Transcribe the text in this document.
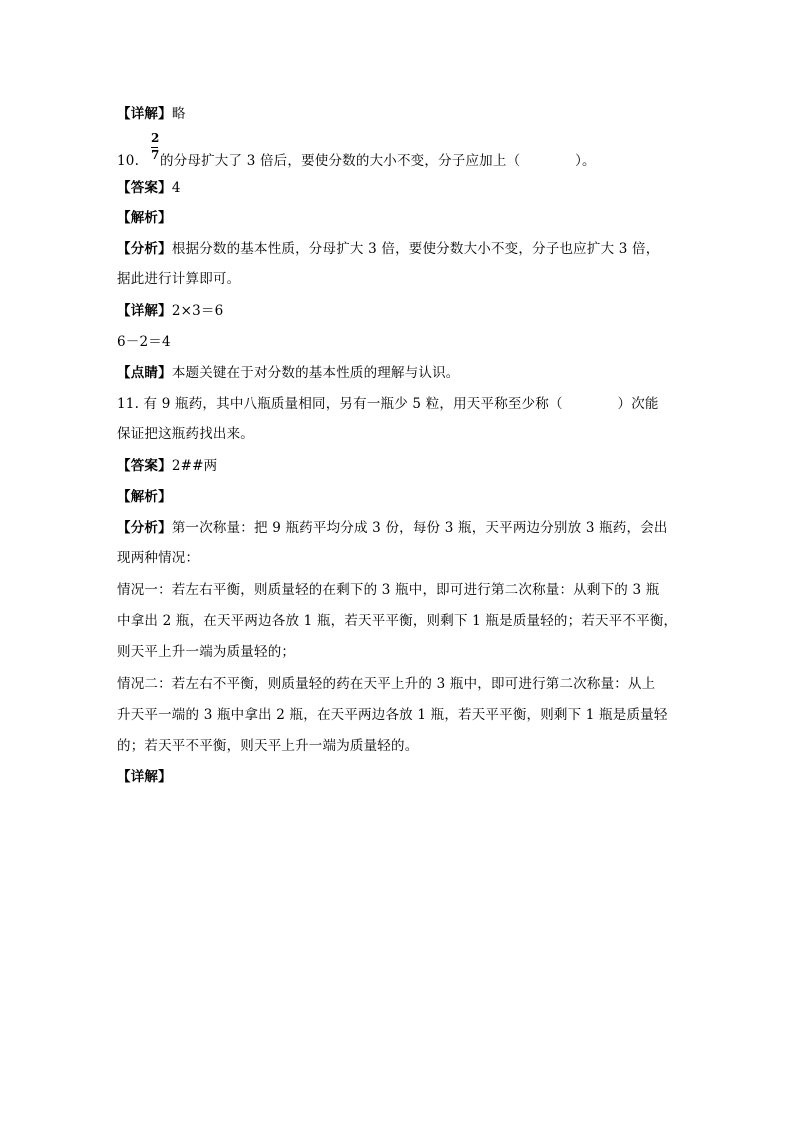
【详解】略
2
7
10. 的分母扩大了 3 倍后，要使分数的大小不变，分子应加上（　　　　）。
【答案】4
【解析】
【分析】根据分数的基本性质，分母扩大 3 倍，要使分数大小不变，分子也应扩大 3 倍，
据此进行计算即可。
【详解】2×3＝6
6－2＝4
【点睛】本题关键在于对分数的基本性质的理解与认识。
11. 有 9 瓶药，其中八瓶质量相同，另有一瓶少 5 粒，用天平称至少称（　　　　）次能
保证把这瓶药找出来。
【答案】2##两
【解析】
【分析】第一次称量：把 9 瓶药平均分成 3 份，每份 3 瓶，天平两边分别放 3 瓶药，会出
现两种情况：
情况一：若左右平衡，则质量轻的在剩下的 3 瓶中，即可进行第二次称量：从剩下的 3 瓶
中拿出 2 瓶，在天平两边各放 1 瓶，若天平平衡，则剩下 1 瓶是质量轻的；若天平不平衡，
则天平上升一端为质量轻的；
情况二：若左右不平衡，则质量轻的药在天平上升的 3 瓶中，即可进行第二次称量：从上
升天平一端的 3 瓶中拿出 2 瓶，在天平两边各放 1 瓶，若天平平衡，则剩下 1 瓶是质量轻
的；若天平不平衡，则天平上升一端为质量轻的。
【详解】
